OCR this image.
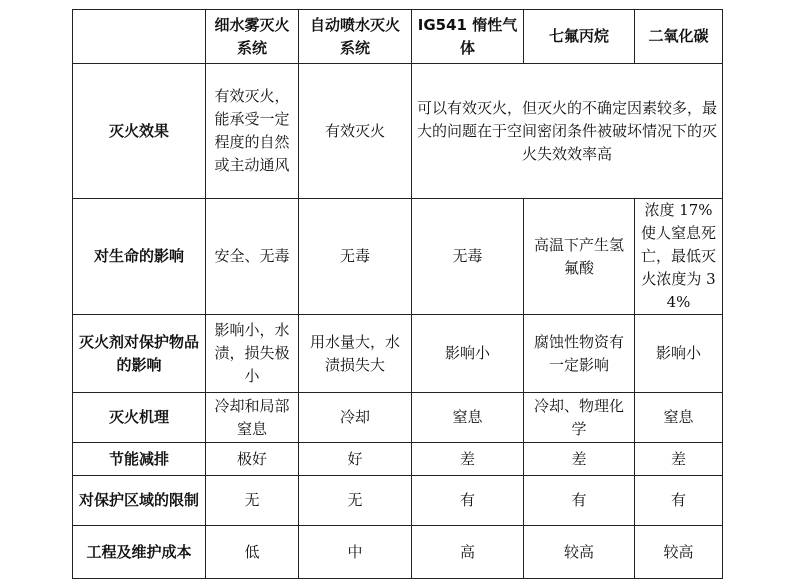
	细水雾灭火系统	自动喷水灭火系统	IG541 惰性气体	七氟丙烷	二氧化碳
灭火效果	有效灭火，能承受一定程度的自然或主动通风	有效灭火	可以有效灭火，但灭火的不确定因素较多，最大的问题在于空间密闭条件被破坏情况下的灭火失效效率高		
对生命的影响	安全、无毒	无毒	无毒	高温下产生氢氟酸	浓度 17%使人窒息死亡，最低灭火浓度为 34%
灭火剂对保护物品的影响	影响小，水渍，损失极小	用水量大，水渍损失大	影响小	腐蚀性物资有一定影响	影响小
灭火机理	冷却和局部窒息	冷却	窒息	冷却、物理化学	窒息
节能减排	极好	好	差	差	差
对保护区域的限制	无	无	有	有	有
工程及维护成本	低	中	高	较高	较高
